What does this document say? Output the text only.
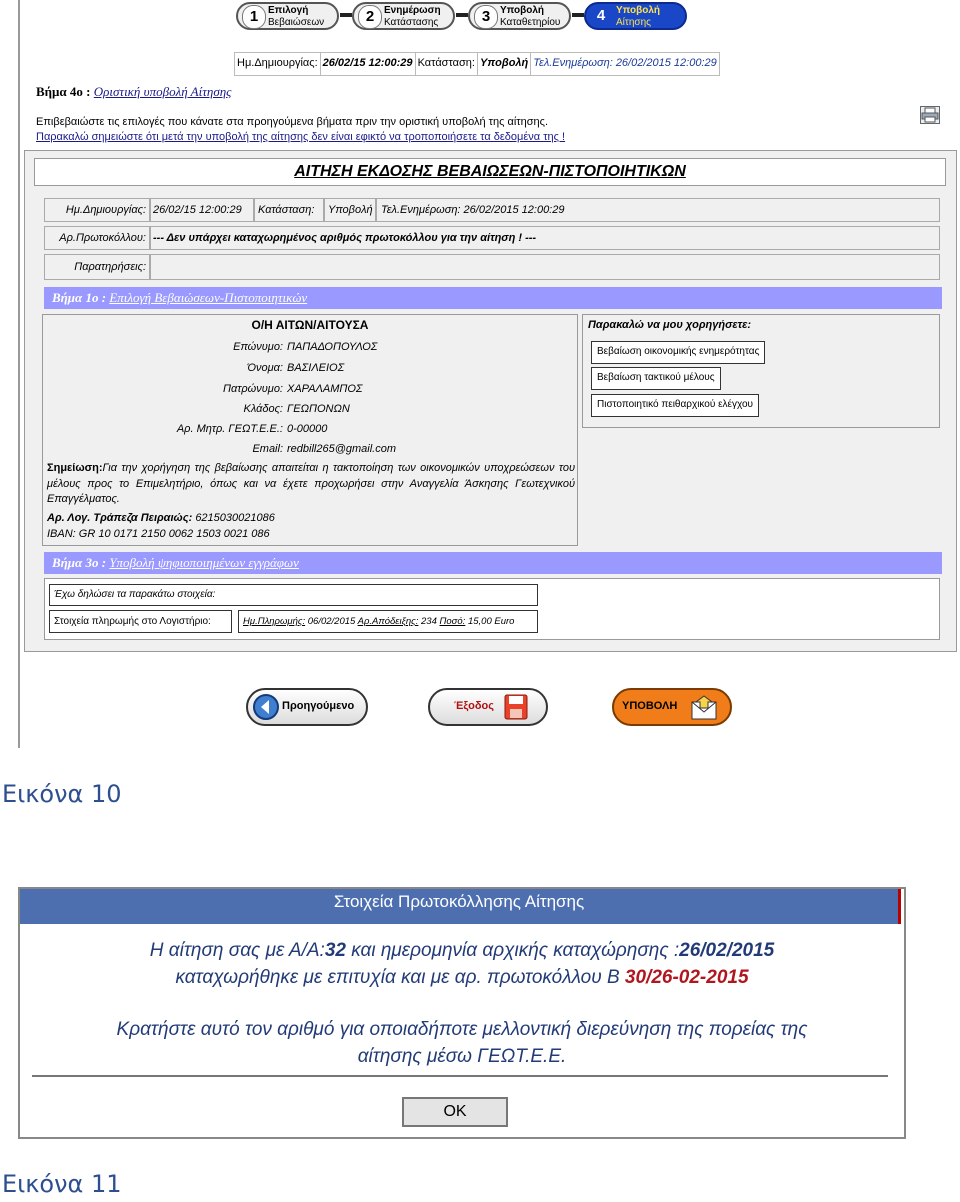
1 Επιλογή
Βεβαιώσεων	2 Ενημέρωση
Κατάστασης	3 Υποβολή
Καταθετηρίου	4	Υποβολή
Αίτησης
Ημ.Δημιουργίας: 26/02/15 12:00:29 Κατάσταση: Υποβολή Τελ.Ενημέρωση: 26/02/2015 12:00:29
Βήμα 4ο : Οριστική υποβολή Αίτησης
Επιβεβαιώστε τις επιλογές που κάνατε στα προηγούμενα βήματα πριν την οριστική υποβολή της αίτησης.
Παρακαλώ σημειώστε ότι μετά την υποβολή της αίτησης δεν είναι εφικτό να τροποποιήσετε τα δεδομένα της !
ΑΙΤΗΣΗ ΕΚΔΟΣΗΣ ΒΕΒΑΙΩΣΕΩΝ-ΠΙΣΤΟΠΟΙΗΤΙΚΩΝ
Ημ.Δημιουργίας: 26/02/15 12:00:29	Κατάσταση:	Υποβολή Τελ.Ενημέρωση: 26/02/2015 12:00:29
Αρ.Πρωτοκόλλου: --- Δεν υπάρχει καταχωρημένος αριθμός πρωτοκόλλου για την αίτηση ! ---
Παρατηρήσεις:
Βήμα 1ο : Επιλογή Βεβαιώσεων-Πιστοποιητικών
Ο/Η ΑΙΤΩΝ/ΑΙΤΟΥΣΑ
Επώνυμο: ΠΑΠΑΔΟΠΟΥΛΟΣ
Όνομα: ΒΑΣΙΛΕΙΟΣ
Πατρώνυμο: ΧΑΡΑΛΑΜΠΟΣ
Κλάδος: ΓΕΩΠΟΝΩΝ
Αρ. Μητρ. ΓΕΩΤ.Ε.Ε.: 0-00000
Email: redbill265@gmail.com
Σημείωση:Για την χορήγηση της βεβαίωσης απαιτείται η τακτοποίηση των οικονομικών υποχρεώσεων του μέλους προς το Επιμελητήριο, όπως και να έχετε προχωρήσει στην Αναγγελία Άσκησης Γεωτεχνικού Επαγγέλματος.
Αρ. Λογ. Τράπεζα Πειραιώς: 6215030021086
IBAN: GR 10 0171 2150 0062 1503 0021 086
Παρακαλώ να μου χορηγήσετε:
Βεβαίωση οικονομικής ενημερότητας
Βεβαίωση τακτικού μέλους
Πιστοποιητικό πειθαρχικού ελέγχου
Βήμα 3ο : Υποβολή ψηφιοποιημένων εγγράφων
Έχω δηλώσει τα παρακάτω στοιχεία:
Στοιχεία πληρωμής στο Λογιστήριο:	Ημ.Πληρωμής: 06/02/2015 Αρ.Απόδειξης: 234 Ποσό: 15,00 Euro
Προηγούμενο	Έξοδος	ΥΠΟΒΟΛΗ
Εικόνα 10
Στοιχεία Πρωτοκόλλησης Αίτησης
Η αίτηση σας με Α/Α:32 και ημερομηνία αρχικής καταχώρησης :26/02/2015
καταχωρήθηκε με επιτυχία και με αρ. πρωτοκόλλου Β 30/26-02-2015
Κρατήστε αυτό τον αριθμό για οποιαδήποτε μελλοντική διερεύνηση της πορείας της
αίτησης μέσω ΓΕΩΤ.Ε.Ε.
OK
Εικόνα 11
